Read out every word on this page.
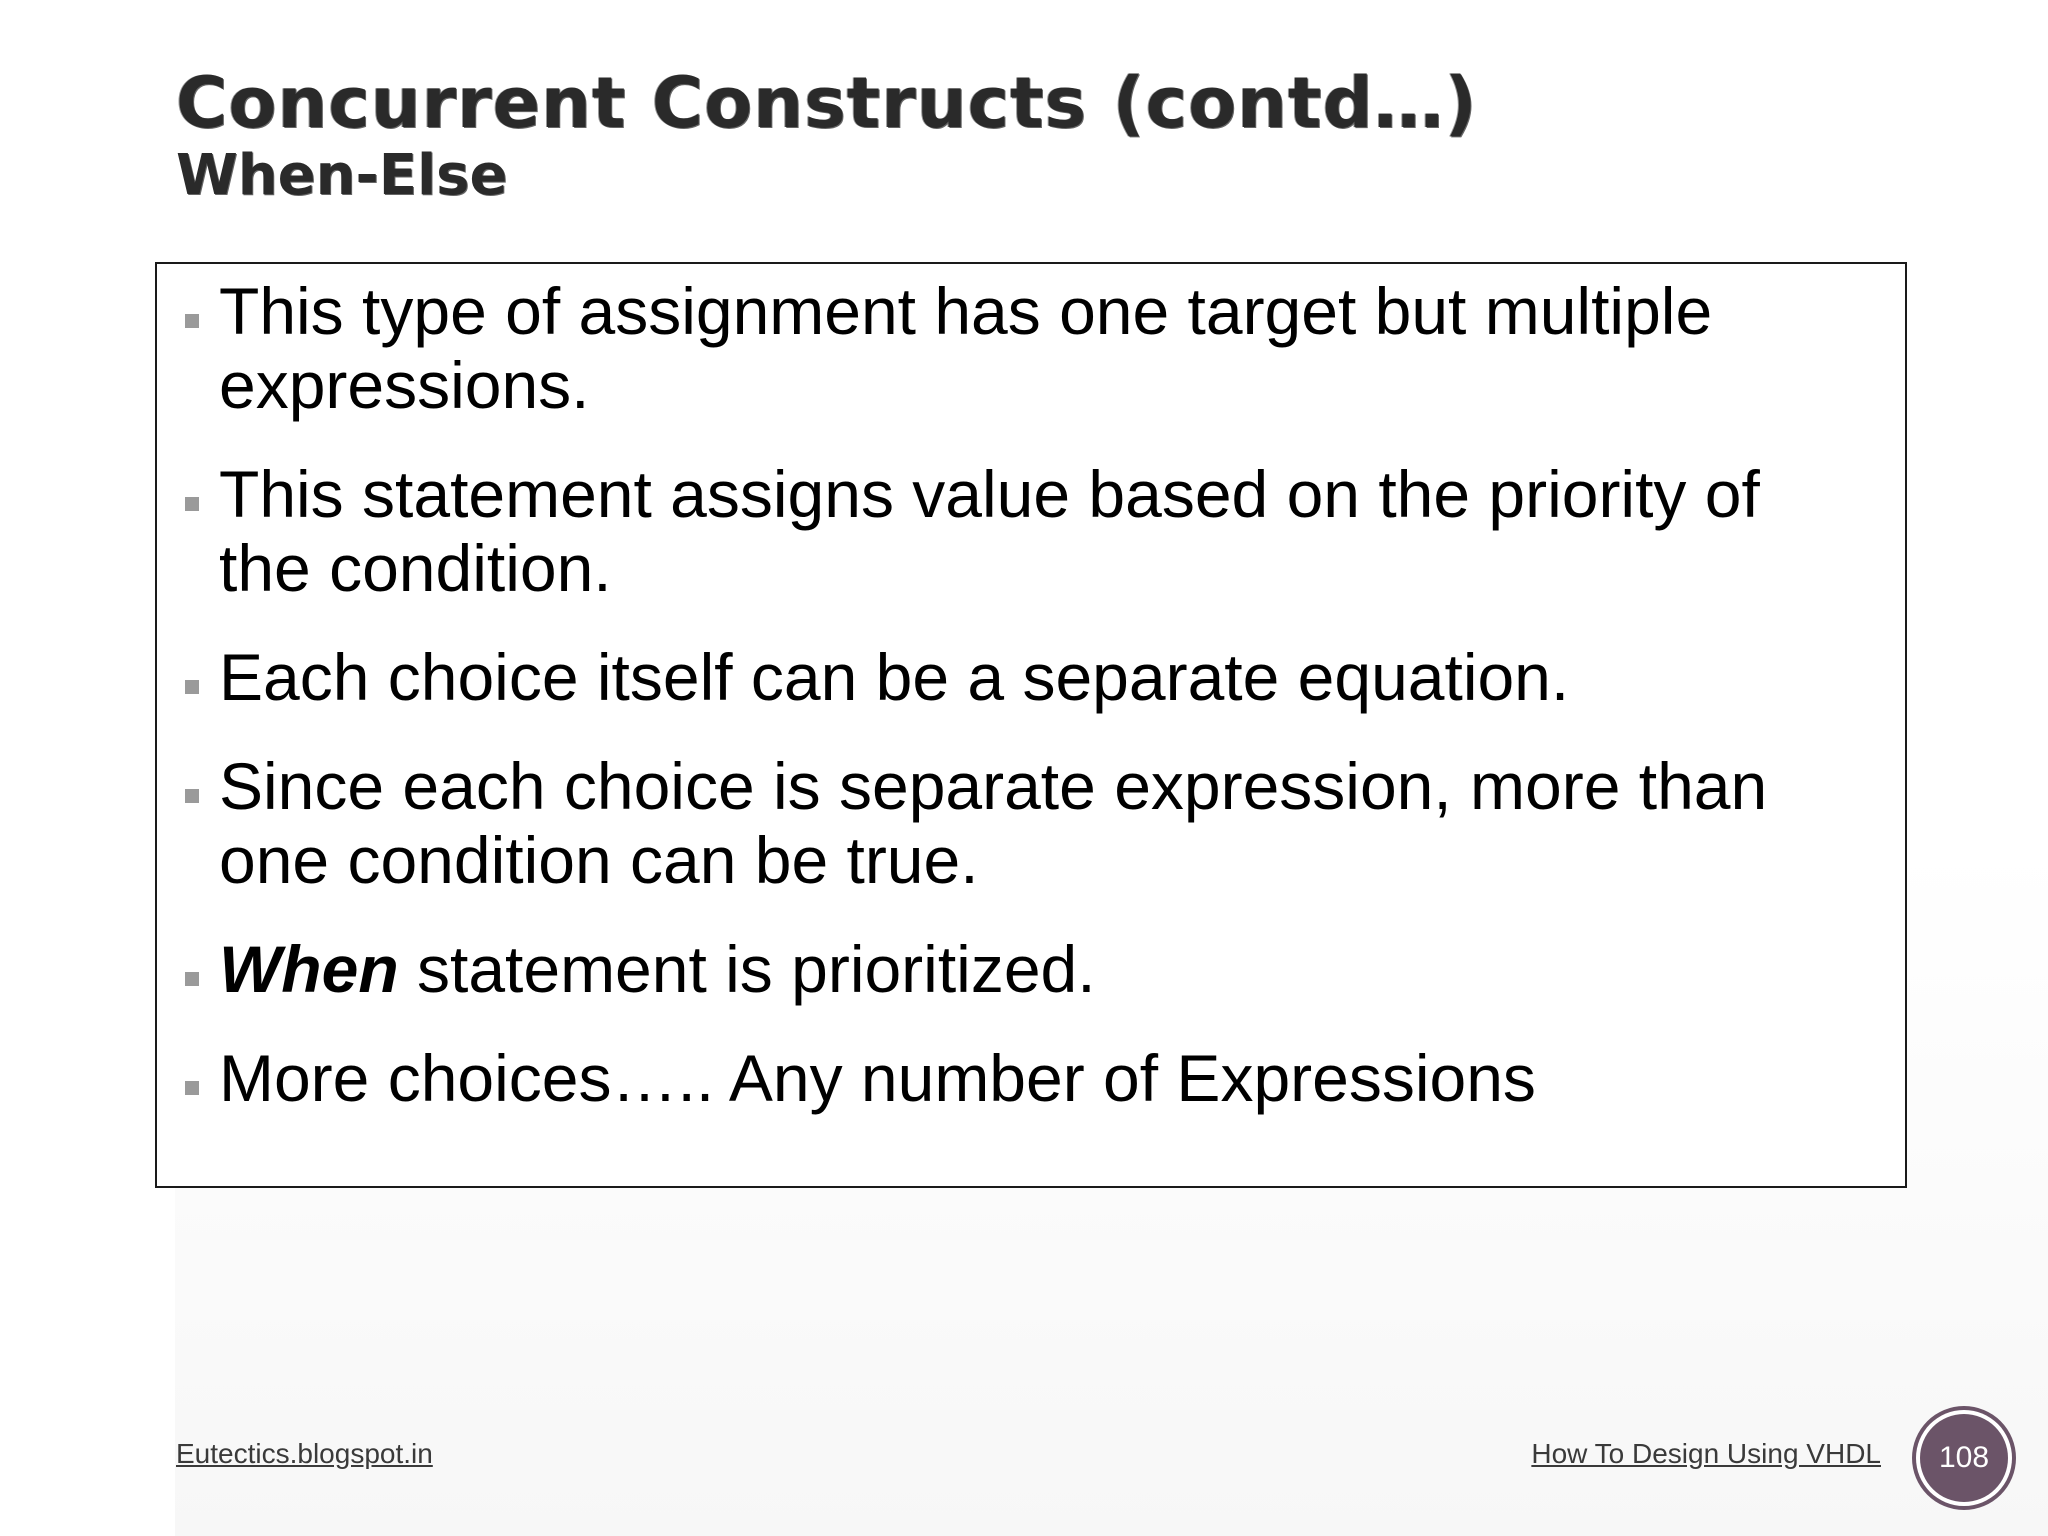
Concurrent Constructs (contd…)
When-Else
This type of assignment has one target but multiple
expressions.
This statement assigns value based on the priority of
the condition.
Each choice itself can be a separate equation.
Since each choice is separate expression, more than
one condition can be true.
When statement is prioritized.
More choices….. Any number of Expressions
Eutectics.blogspot.in	How To Design Using VHDL 108
